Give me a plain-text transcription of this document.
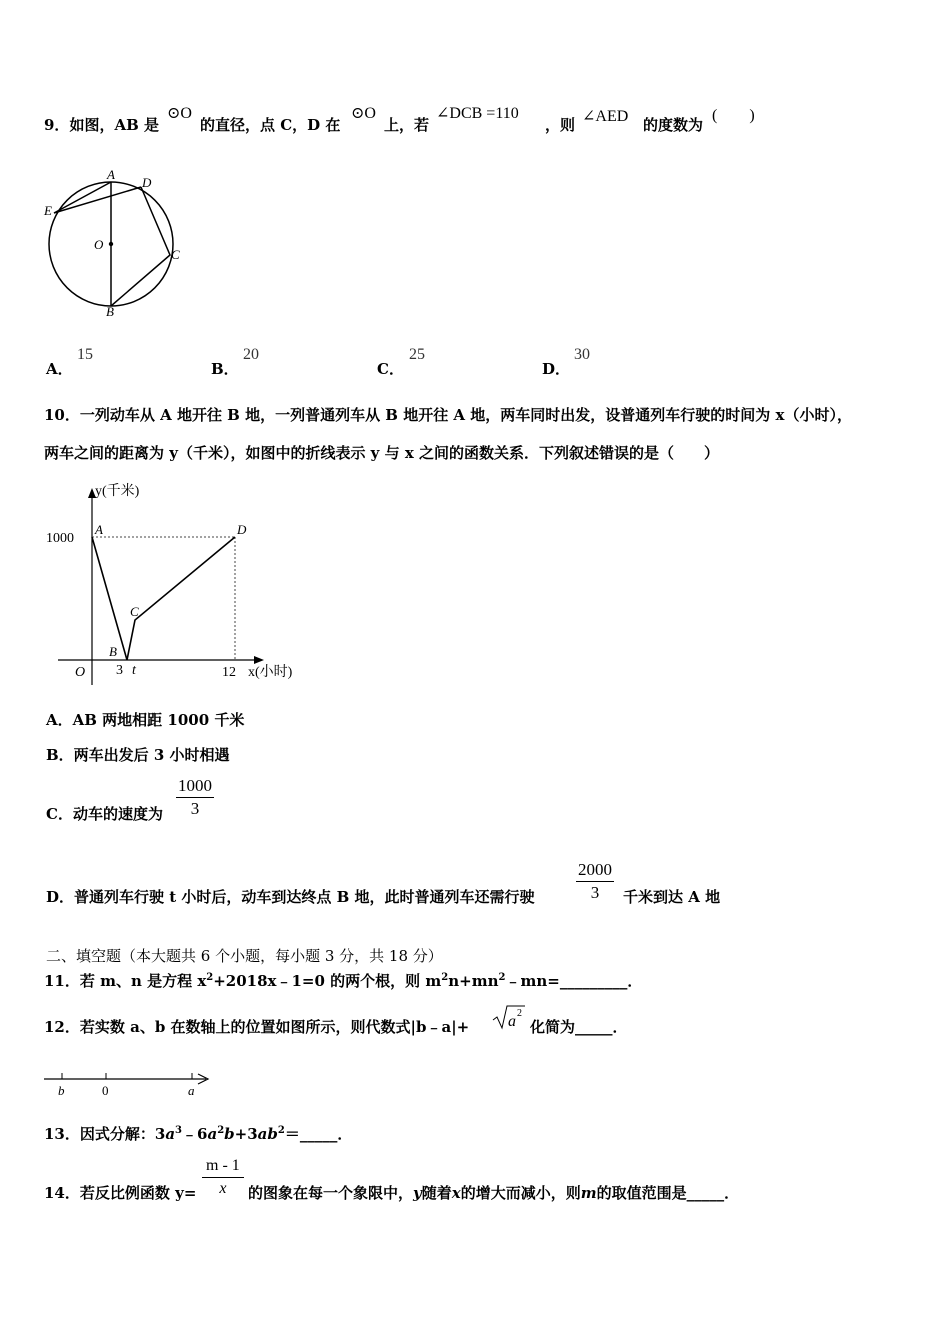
9．如图，AB 是
⊙O
的直径，点 C，D 在
⊙O
上，若
∠DCB =110
，则 ∠AED 的度数为
(　　)
A
D
E
O
C
B
A．
15
B．
20
C．
25
D．
30
10．一列动车从 A 地开往 B 地，一列普通列车从 B 地开往 A 地，两车同时出发，设普通列车行驶的时间为 x（小时），
两车之间的距离为 y（千米），如图中的折线表示 y 与 x 之间的函数关系．下列叙述错误的是（　　）
y(千米)
1000
A	D
C
B
O 3 t	12 x(小时)
A．AB 两地相距 1000 千米
B．两车出发后 3 小时相遇
C．动车的速度为 $\frac{1000}{3}$
D．普通列车行驶 t 小时后，动车到达终点 B 地，此时普通列车还需行驶 $\frac{2000}{3}$ 千米到达 A 地
二、填空题（本大题共 6 个小题，每小题 3 分，共 18 分）
11．若 m、n 是方程 $x^2+2018x﹣1=0$ 的两个根，则 $m^2n+mn^2﹣mn=\_\_\_\_\_\_\_\_\_$．
12．若实数 a、b 在数轴上的位置如图所示，则代数式|b﹣a|+ a 2
化简为_____．
b	0	a
13．因式分解：$3a^3﹣6a^2b+3ab^2=\_\_\_\_\_$．
14．若反比例函数 $y= \frac{m - 1}{x}$ 的图象在每一个象限中，y随着x的增大而减小，则m的取值范围是_____．
